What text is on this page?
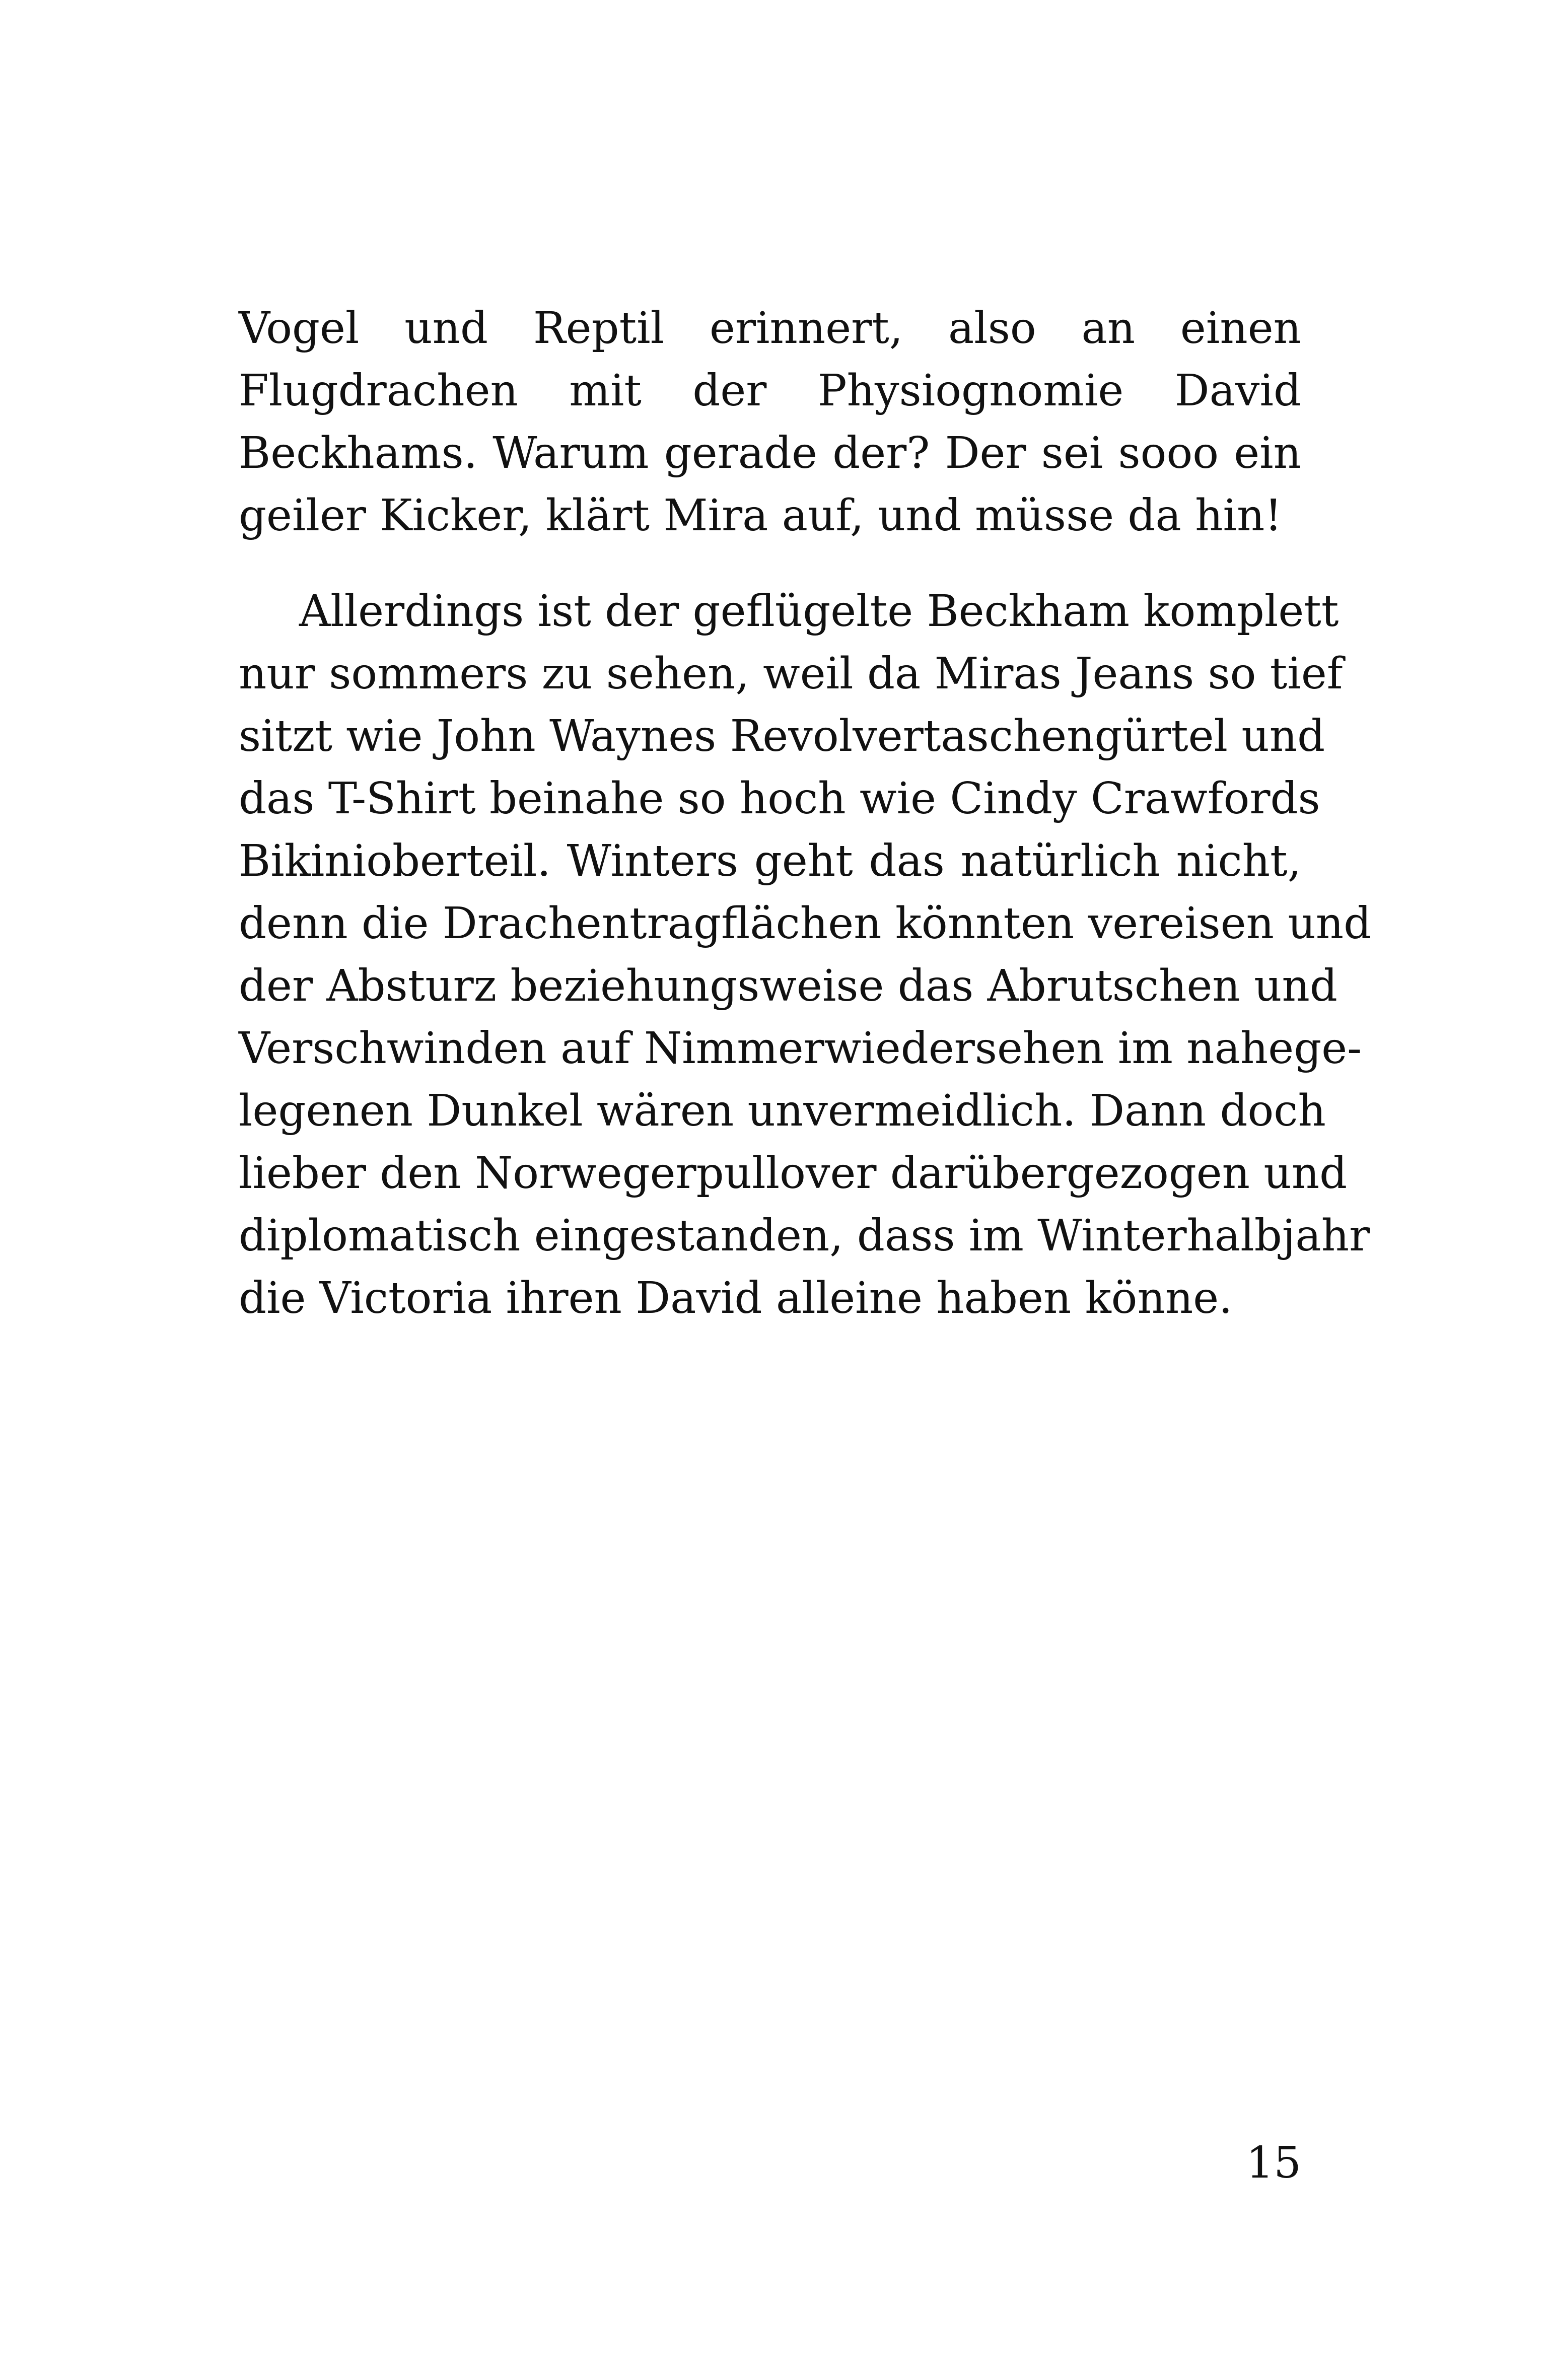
Vogel und Reptil erinnert, also an einen
Flugdrachen mit der Physiognomie David
Beckhams. Warum gerade der? Der sei sooo ein
geiler Kicker, klärt Mira auf, und müsse da hin!
Allerdings ist der geflügelte Beckham komplett
nur sommers zu sehen, weil da Miras Jeans so tief
sitzt wie John Waynes Revolvertaschengürtel und
das T-Shirt beinahe so hoch wie Cindy Crawfords
Bikinioberteil. Winters geht das natürlich nicht,
denn die Drachentragflächen könnten vereisen und
der Absturz beziehungsweise das Abrutschen und
Verschwinden auf Nimmerwiedersehen im nahege-
legenen Dunkel wären unvermeidlich. Dann doch
lieber den Norwegerpullover darübergezogen und
diplomatisch eingestanden, dass im Winterhalbjahr
die Victoria ihren David alleine haben könne.
15
